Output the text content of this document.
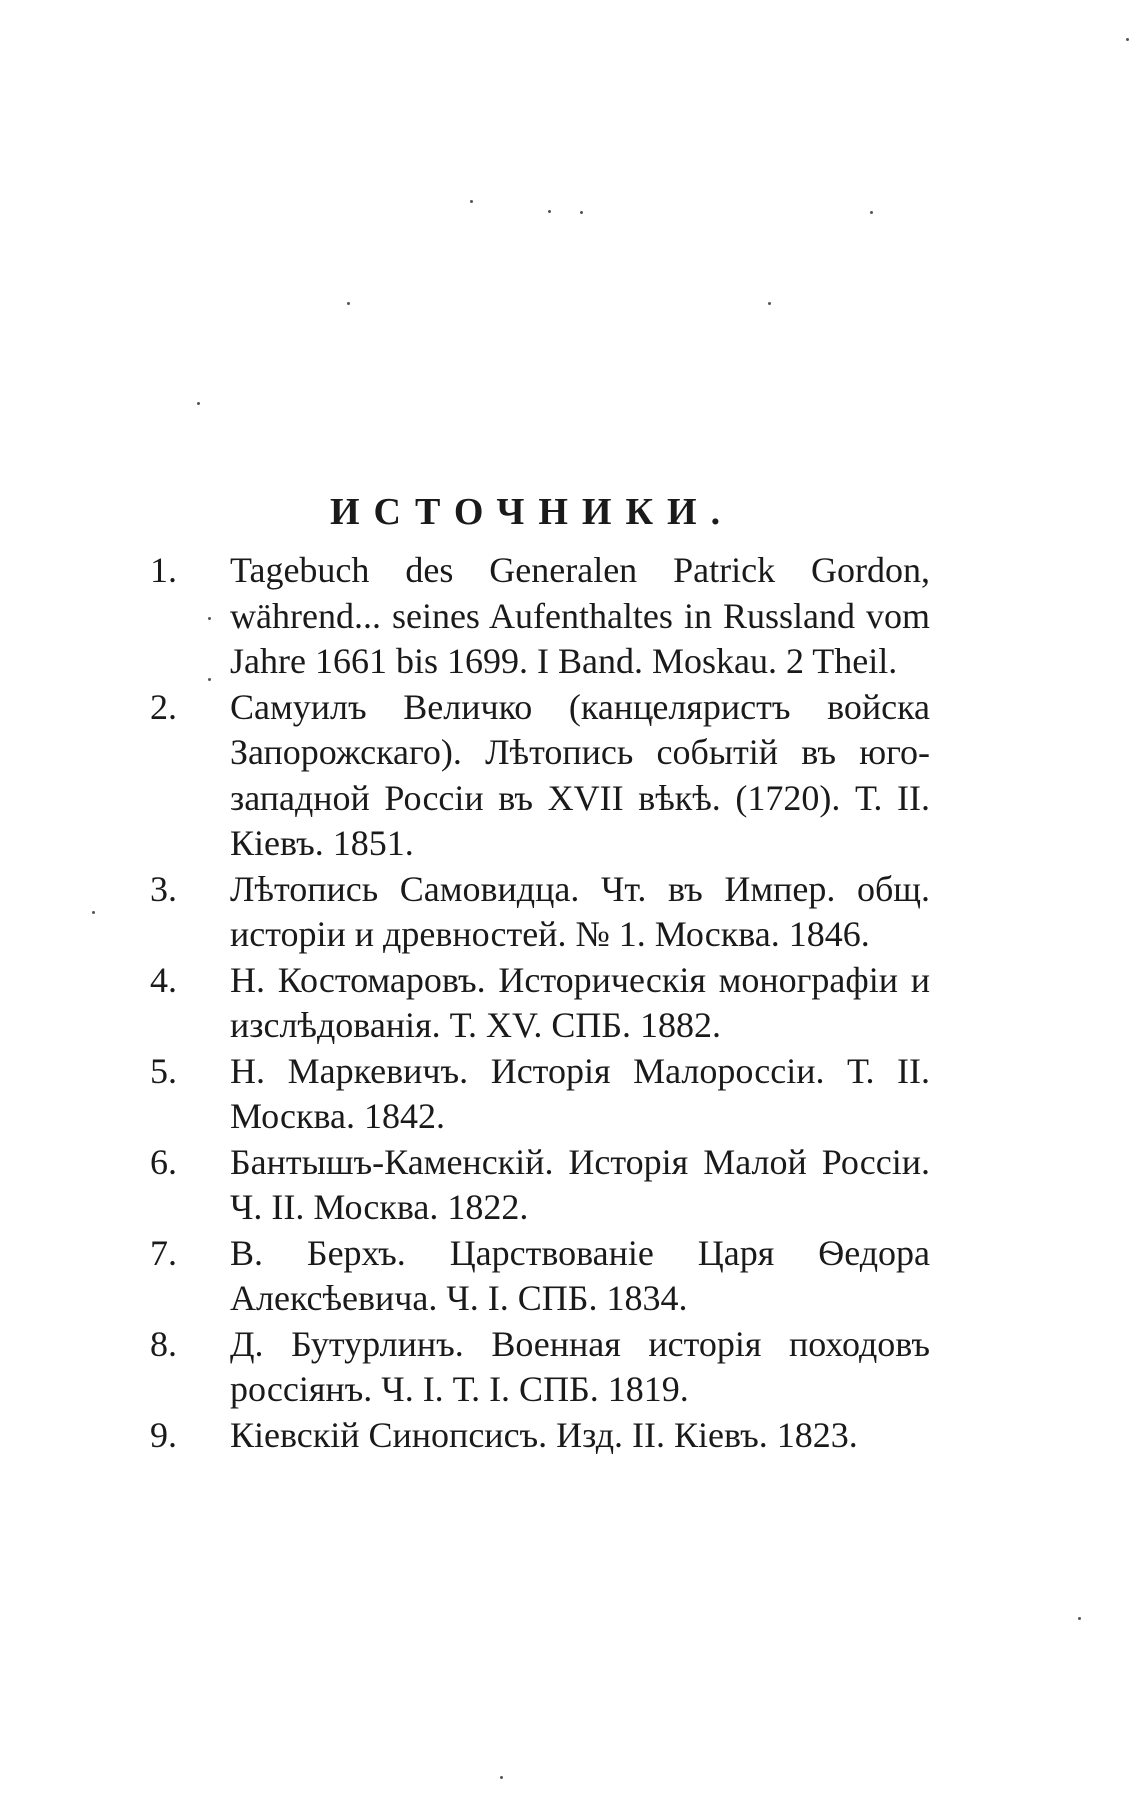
ИСТОЧНИКИ.
1.	Tagebuch des Generalen Patrick Gordon, während... seines Aufenthaltes in Russland vom Jahre 1661 bis 1699. I Band. Moskau. 2 Theil.
2.	Самуилъ Величко (канцеляристъ войска Запорожскаго). Лѣтопись событій въ юго-западной Россіи въ XVII вѣкѣ. (1720). Т. II. Кіевъ. 1851.
3.	Лѣтопись Самовидца. Чт. въ Импер. общ. исторіи и древностей. № 1. Москва. 1846.
4.	Н. Костомаровъ. Историческія монографіи и изслѣдованія. Т. XV. СПБ. 1882.
5.	Н. Маркевичъ. Исторія Малороссіи. Т. II. Москва. 1842.
6.	Бантышъ-Каменскій. Исторія Малой Россіи. Ч. II. Москва. 1822.
7.	В. Берхъ. Царствованіе Царя Ѳедора Алексѣевича. Ч. I. СПБ. 1834.
8.	Д. Бутурлинъ. Военная исторія походовъ россіянъ. Ч. I. Т. I. СПБ. 1819.
9.	Кіевскій Синопсисъ. Изд. II. Кіевъ. 1823.
